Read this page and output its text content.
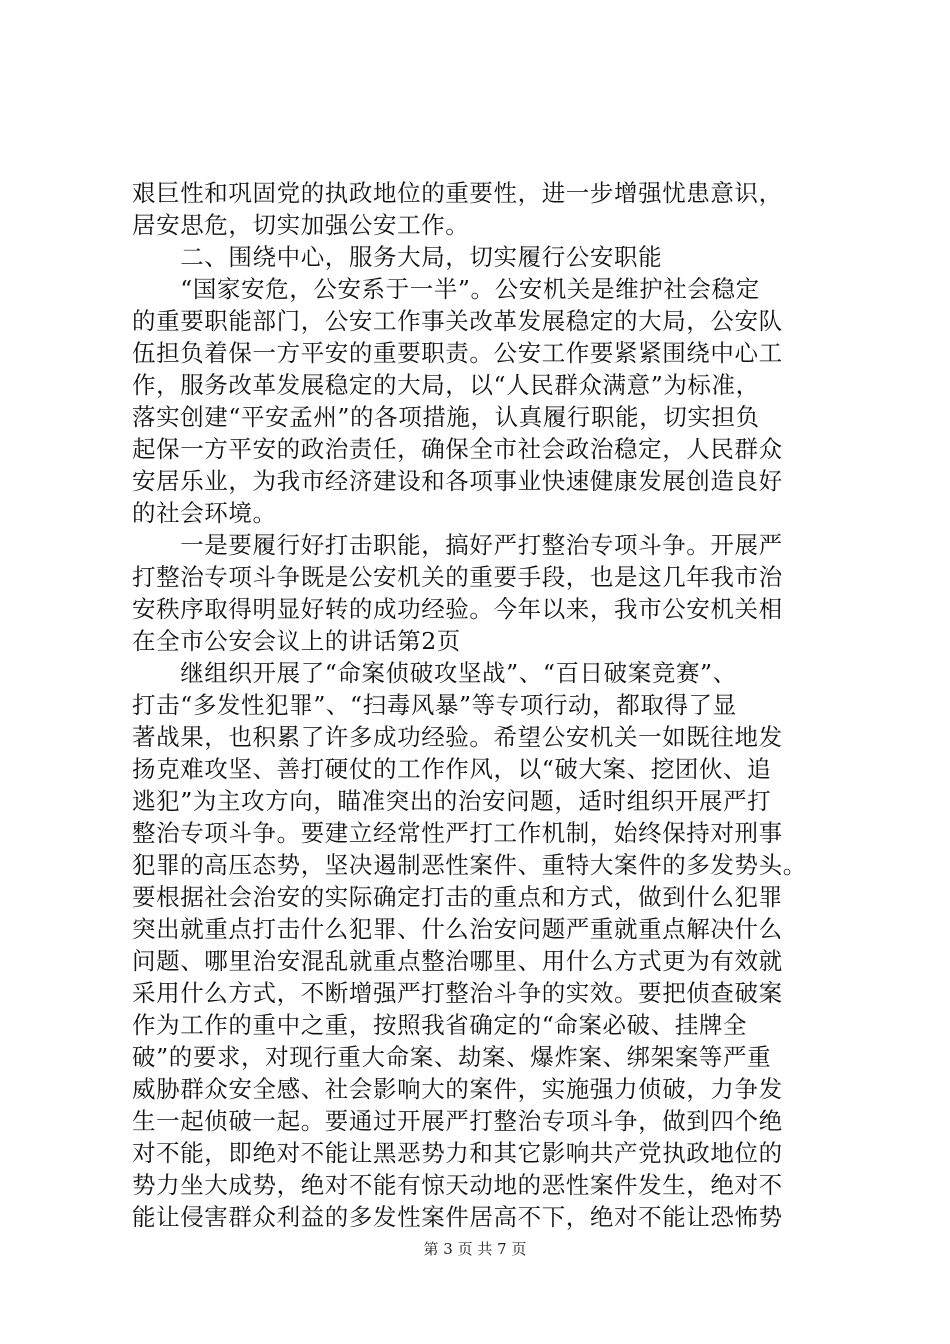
艰巨性和巩固党的执政地位的重要性，进一步增强忧患意识，

居安思危，切实加强公安工作。

　　二、围绕中心，服务大局，切实履行公安职能

　　“国家安危，公安系于一半”。公安机关是维护社会稳定

的重要职能部门，公安工作事关改革发展稳定的大局，公安队

伍担负着保一方平安的重要职责。公安工作要紧紧围绕中心工

作，服务改革发展稳定的大局，以“人民群众满意”为标准，

落实创建“平安孟州”的各项措施，认真履行职能，切实担负

起保一方平安的政治责任，确保全市社会政治稳定，人民群众

安居乐业，为我市经济建设和各项事业快速健康发展创造良好

的社会环境。

　　一是要履行好打击职能，搞好严打整治专项斗争。开展严

打整治专项斗争既是公安机关的重要手段，也是这几年我市治

安秩序取得明显好转的成功经验。今年以来，我市公安机关相

在全市公安会议上的讲话第2页

　　继组织开展了“命案侦破攻坚战”、“百日破案竞赛”、

打击“多发性犯罪”、“扫毒风暴”等专项行动，都取得了显

著战果，也积累了许多成功经验。希望公安机关一如既往地发

扬克难攻坚、善打硬仗的工作作风，以“破大案、挖团伙、追

逃犯”为主攻方向，瞄准突出的治安问题，适时组织开展严打

整治专项斗争。要建立经常性严打工作机制，始终保持对刑事

犯罪的高压态势，坚决遏制恶性案件、重特大案件的多发势头。

要根据社会治安的实际确定打击的重点和方式，做到什么犯罪

突出就重点打击什么犯罪、什么治安问题严重就重点解决什么

问题、哪里治安混乱就重点整治哪里、用什么方式更为有效就

采用什么方式，不断增强严打整治斗争的实效。要把侦查破案

作为工作的重中之重，按照我省确定的“命案必破、挂牌全

破”的要求，对现行重大命案、劫案、爆炸案、绑架案等严重

威胁群众安全感、社会影响大的案件，实施强力侦破，力争发

生一起侦破一起。要通过开展严打整治专项斗争，做到四个绝

对不能，即绝对不能让黑恶势力和其它影响共产党执政地位的

势力坐大成势，绝对不能有惊天动地的恶性案件发生，绝对不

能让侵害群众利益的多发性案件居高不下，绝对不能让恐怖势

第 3 页 共 7 页
